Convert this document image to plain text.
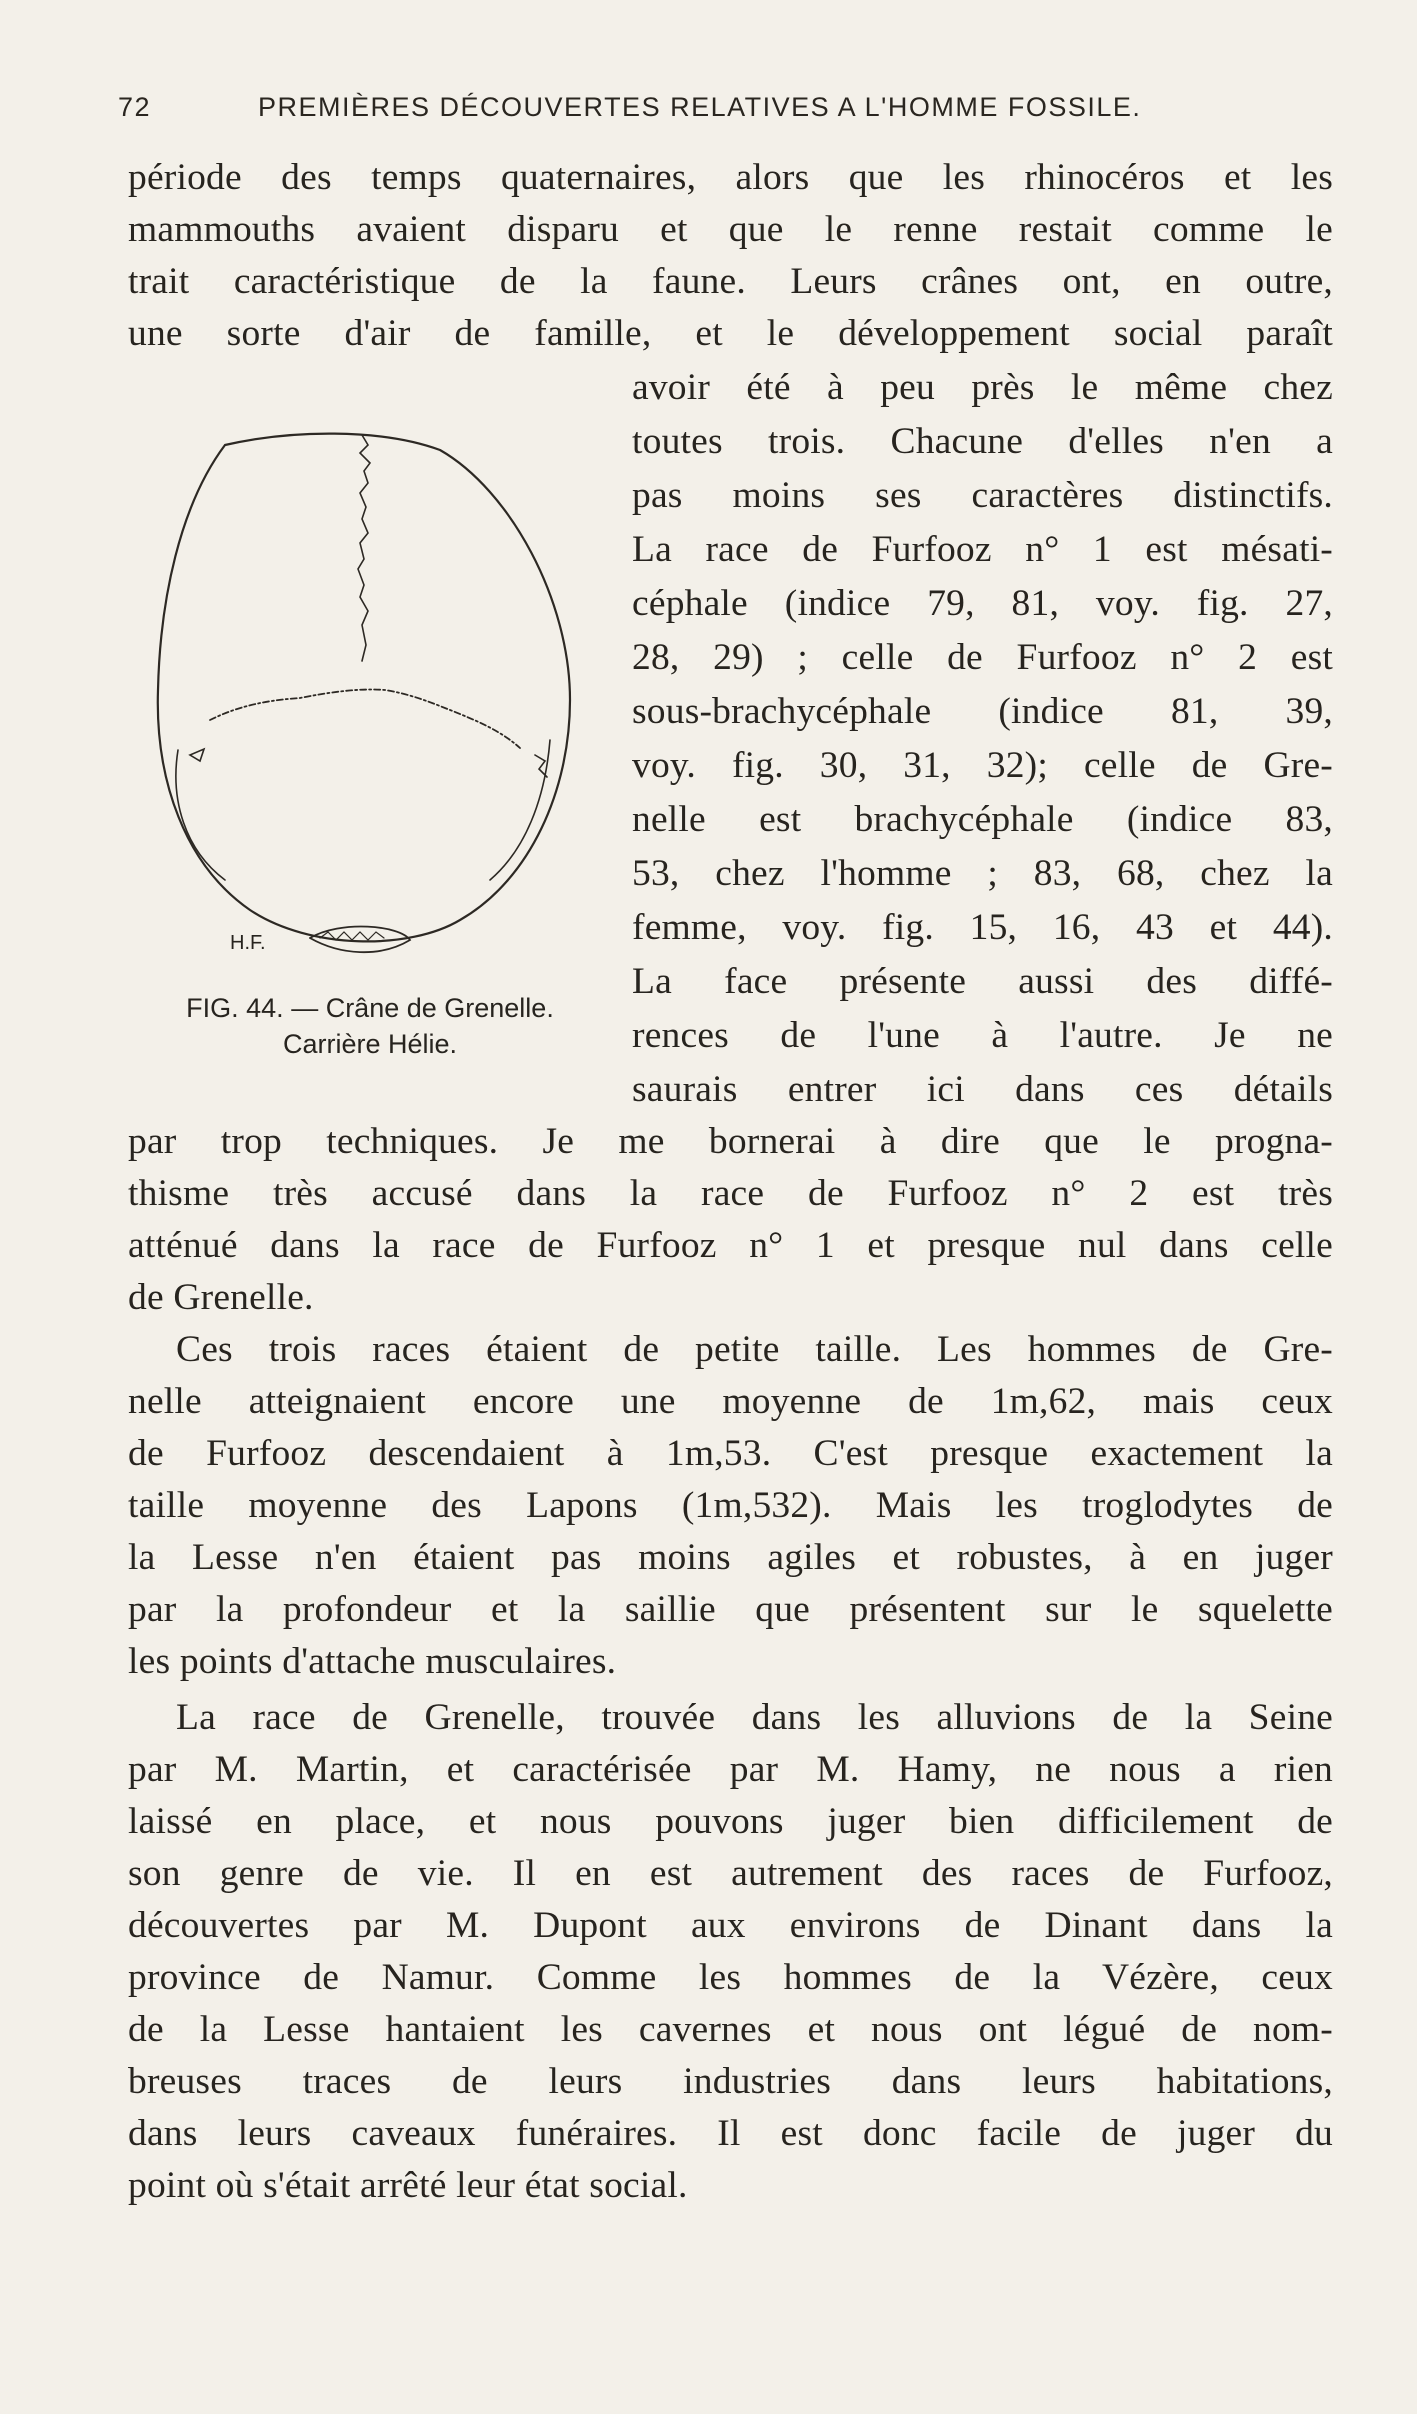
72	PREMIÈRES DÉCOUVERTES RELATIVES A L'HOMME FOSSILE.
période des temps quaternaires, alors que les rhinocéros et les
mammouths avaient disparu et que le renne restait comme le
trait caractéristique de la faune. Leurs crânes ont, en outre,
une sorte d'air de famille, et le développement social paraît
avoir été à peu près le même chez
toutes trois. Chacune d'elles n'en a
pas moins ses caractères distinctifs.
La race de Furfooz n° 1 est mésati-
céphale (indice 79, 81, voy. fig. 27,
28, 29) ; celle de Furfooz n° 2 est
sous-brachycéphale (indice 81, 39,
voy. fig. 30, 31, 32); celle de Gre-
nelle est brachycéphale (indice 83,
53, chez l'homme ; 83, 68, chez la
femme, voy. fig. 15, 16, 43 et 44).
La face présente aussi des diffé-
rences de l'une à l'autre. Je ne
saurais entrer ici dans ces détails
par trop techniques. Je me bornerai à dire que le progna-
thisme très accusé dans la race de Furfooz n° 2 est très
atténué dans la race de Furfooz n° 1 et presque nul dans celle
de Grenelle.
Ces trois races étaient de petite taille. Les hommes de Gre-
nelle atteignaient encore une moyenne de 1m,62, mais ceux
de Furfooz descendaient à 1m,53. C'est presque exactement la
taille moyenne des Lapons (1m,532). Mais les troglodytes de
la Lesse n'en étaient pas moins agiles et robustes, à en juger
par la profondeur et la saillie que présentent sur le squelette
les points d'attache musculaires.
La race de Grenelle, trouvée dans les alluvions de la Seine
par M. Martin, et caractérisée par M. Hamy, ne nous a rien
laissé en place, et nous pouvons juger bien difficilement de
son genre de vie. Il en est autrement des races de Furfooz,
découvertes par M. Dupont aux environs de Dinant dans la
province de Namur. Comme les hommes de la Vézère, ceux
de la Lesse hantaient les cavernes et nous ont légué de nom-
breuses traces de leurs industries dans leurs habitations,
dans leurs caveaux funéraires. Il est donc facile de juger du
point où s'était arrêté leur état social.
H.F.
FIG. 44. — Crâne de Grenelle.
Carrière Hélie.
